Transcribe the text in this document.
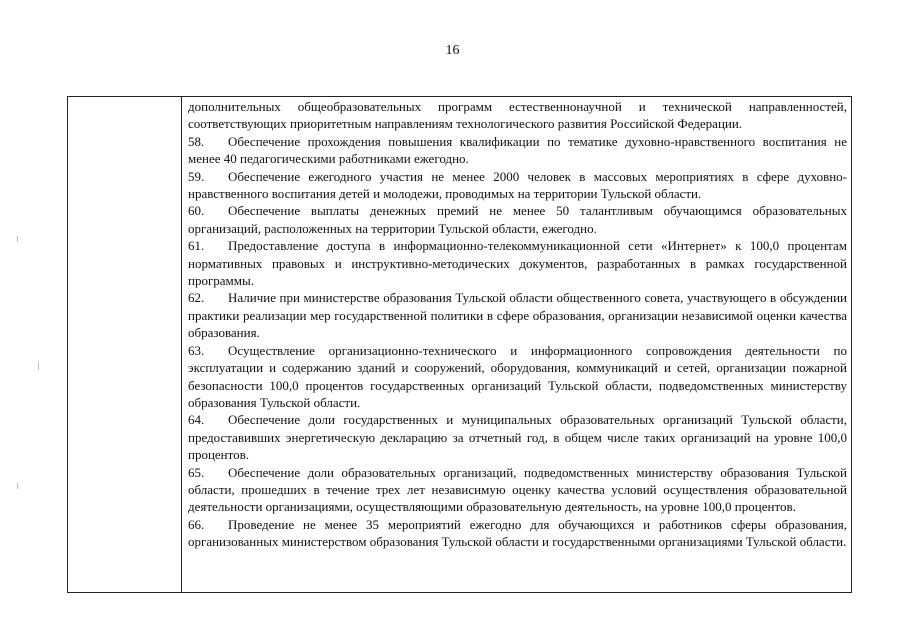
16

дополнительных общеобразовательных программ естественнонаучной и технической направленностей, соответствующих приоритетным направлениям технологического развития Российской Федерации.

58. Обеспечение прохождения повышения квалификации по тематике духовно-нравственного воспитания не менее 40 педагогическими работниками ежегодно.

59. Обеспечение ежегодного участия не менее 2000 человек в массовых мероприятиях в сфере духовно-нравственного воспитания детей и молодежи, проводимых на территории Тульской области.

60. Обеспечение выплаты денежных премий не менее 50 талантливым обучающимся образовательных организаций, расположенных на территории Тульской области, ежегодно.

61. Предоставление доступа в информационно-телекоммуникационной сети «Интернет» к 100,0 процентам нормативных правовых и инструктивно-методических документов, разработанных в рамках государственной программы.

62. Наличие при министерстве образования Тульской области общественного совета, участвующего в обсуждении практики реализации мер государственной политики в сфере образования, организации независимой оценки качества образования.

63. Осуществление организационно-технического и информационного сопровождения деятельности по эксплуатации и содержанию зданий и сооружений, оборудования, коммуникаций и сетей, организации пожарной безопасности 100,0 процентов государственных организаций Тульской области, подведомственных министерству образования Тульской области.

64. Обеспечение доли государственных и муниципальных образовательных организаций Тульской области, предоставивших энергетическую декларацию за отчетный год, в общем числе таких организаций на уровне 100,0 процентов.

65. Обеспечение доли образовательных организаций, подведомственных министерству образования Тульской области, прошедших в течение трех лет независимую оценку качества условий осуществления образовательной деятельности организациями, осуществляющими образовательную деятельность, на уровне 100,0 процентов.

66. Проведение не менее 35 мероприятий ежегодно для обучающихся и работников сферы образования, организованных министерством образования Тульской области и государственными организациями Тульской области.
